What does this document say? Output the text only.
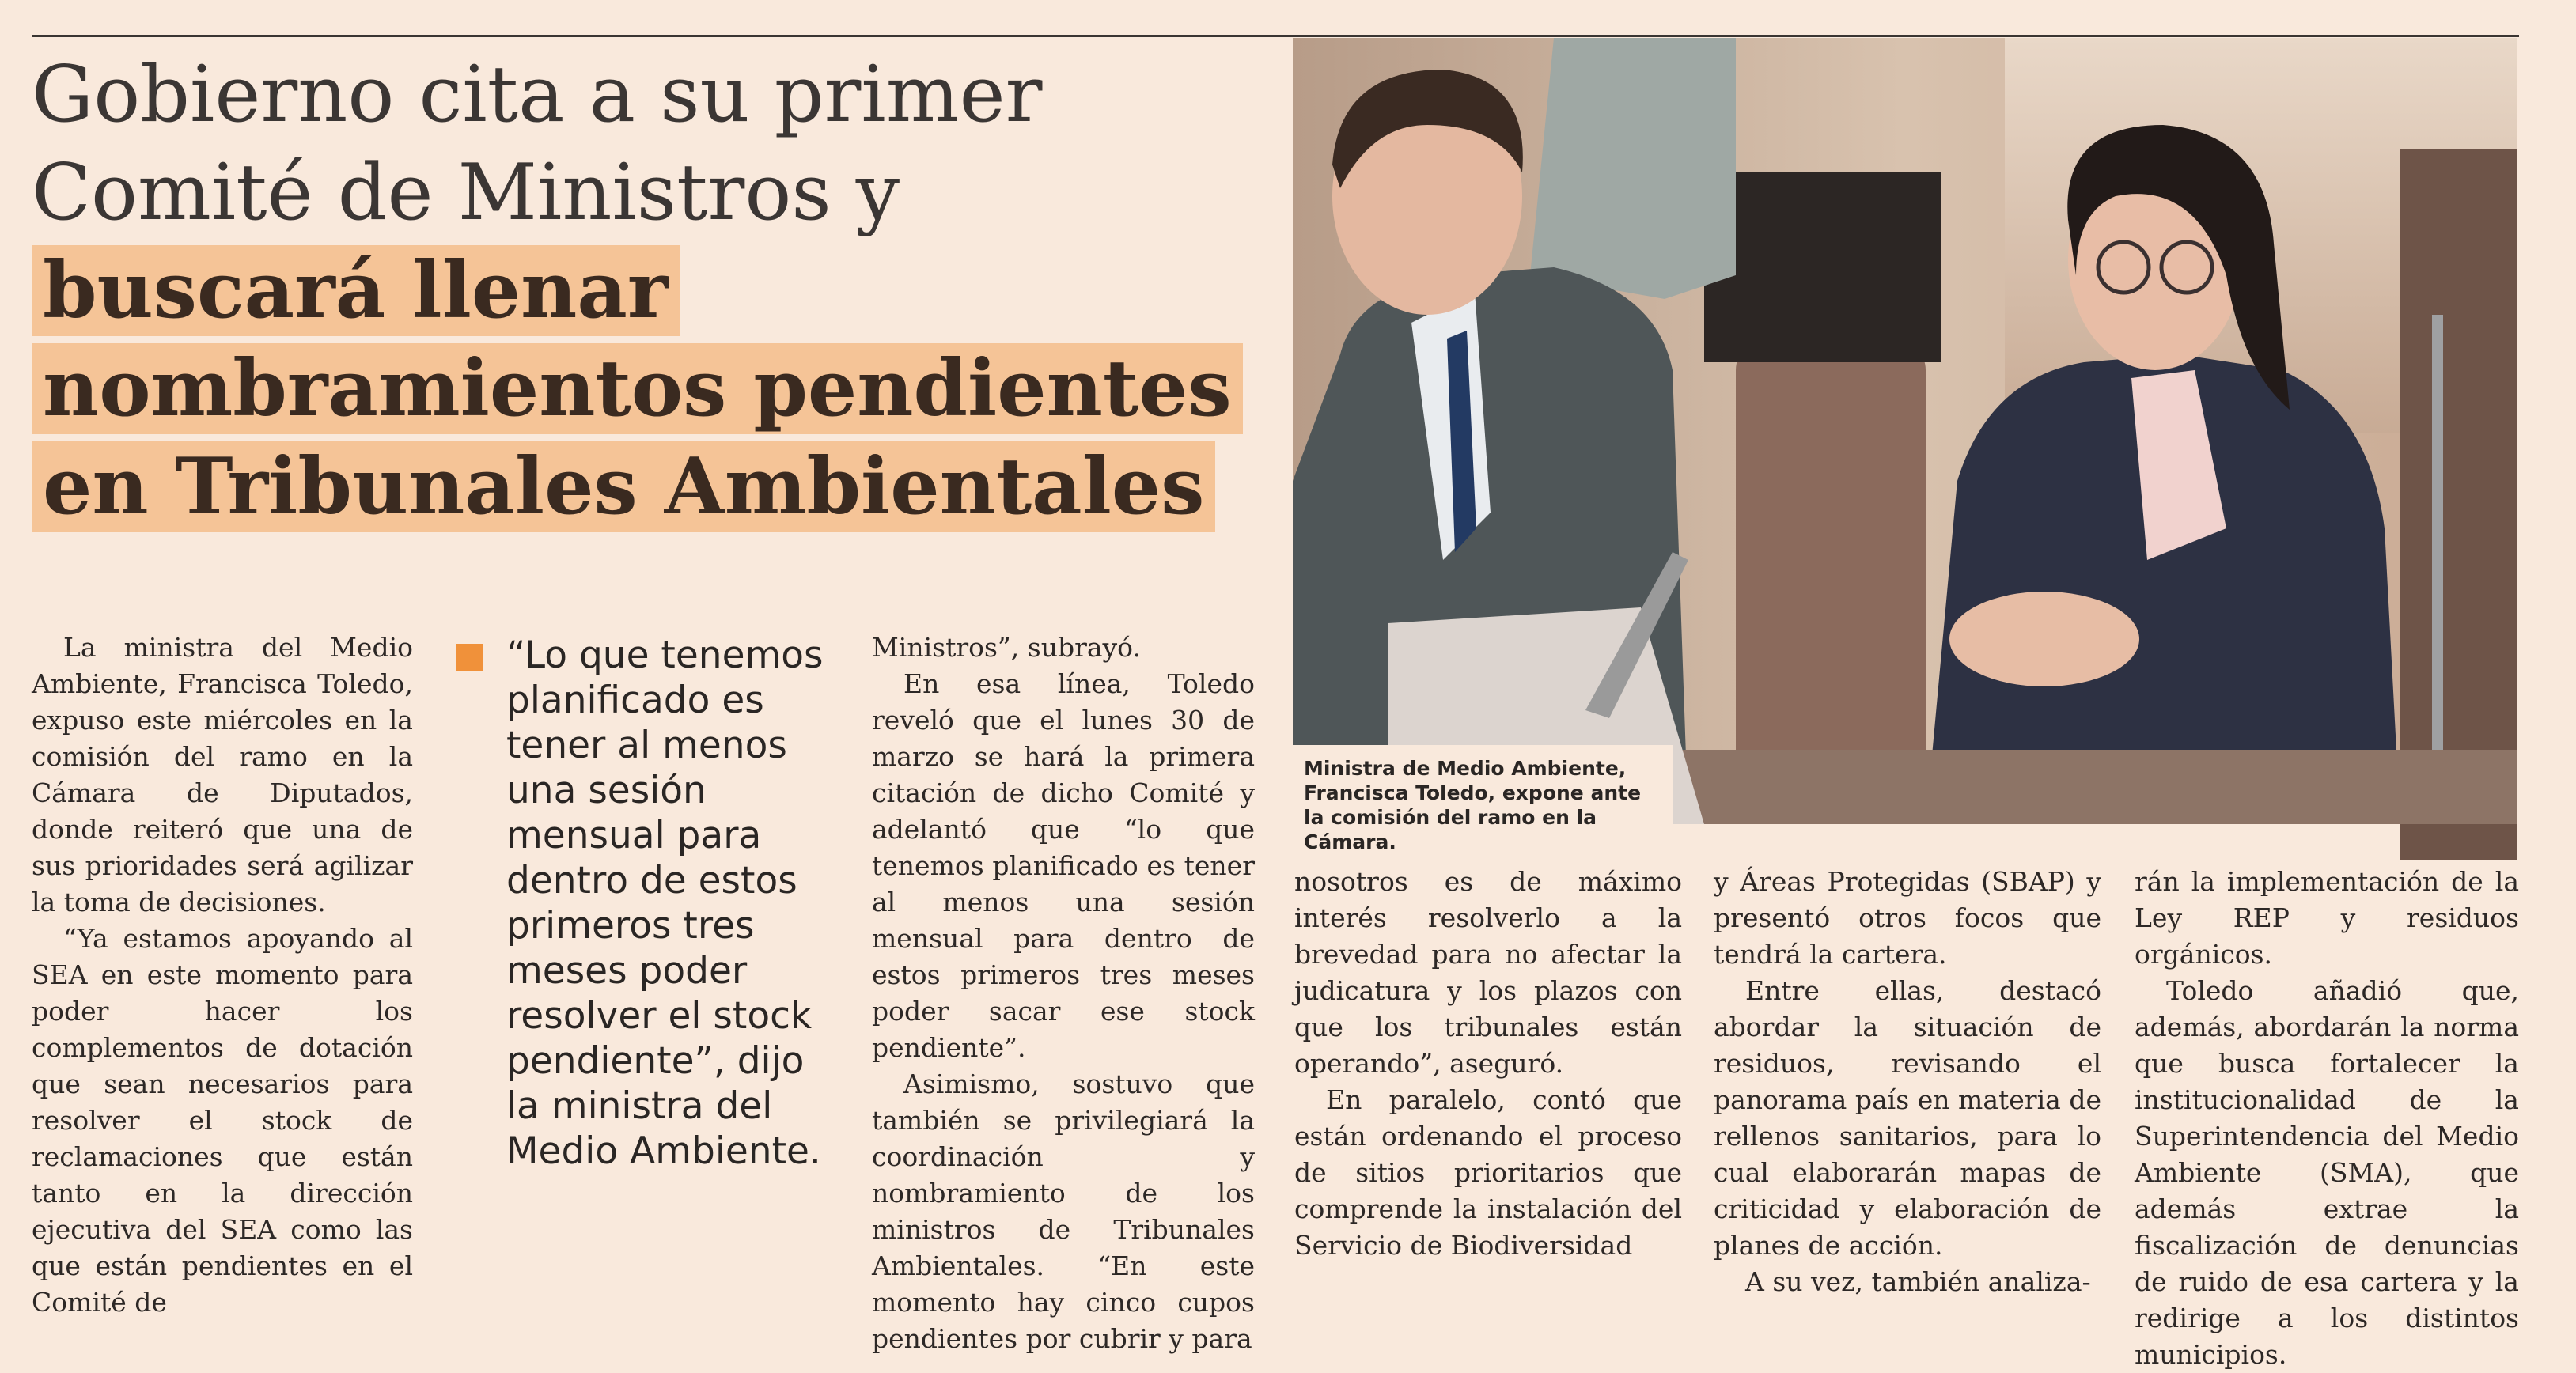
Gobierno cita a su primer Comité de Ministros y buscará llenar nombramientos pendientes en Tribunales Ambientales

La ministra del Medio Ambiente, Francisca Toledo, expuso este miércoles en la comisión del ramo en la Cámara de Diputados, donde reiteró que una de sus prioridades será agilizar la toma de decisiones.

“Ya estamos apoyando al SEA en este momento para poder hacer los complementos de dotación que sean necesarios para resolver el stock de reclamaciones que están tanto en la dirección ejecutiva del SEA como las que están pendientes en el Comité de

“Lo que tenemos planificado es tener al menos una sesión mensual para dentro de estos primeros tres meses poder resolver el stock pendiente”, dijo la ministra del Medio Ambiente.

Ministros”, subrayó.

En esa línea, Toledo reveló que el lunes 30 de marzo se hará la primera citación de dicho Comité y adelantó que “lo que tenemos planificado es tener al menos una sesión mensual para dentro de estos primeros tres meses poder sacar ese stock pendiente”.

Asimismo, sostuvo que también se privilegiará la coordinación y nombramiento de los ministros de Tribunales Ambientales. “En este momento hay cinco cupos pendientes por cubrir y para

Ministra de Medio Ambiente, Francisca Toledo, expone ante la comisión del ramo en la Cámara.

nosotros es de máximo interés resolverlo a la brevedad para no afectar la judicatura y los plazos con que los tribunales están operando”, aseguró.

En paralelo, contó que están ordenando el proceso de sitios prioritarios que comprende la instalación del Servicio de Biodiversidad

y Áreas Protegidas (SBAP) y presentó otros focos que tendrá la cartera.

Entre ellas, destacó abordar la situación de residuos, revisando el panorama país en materia de rellenos sanitarios, para lo cual elaborarán mapas de criticidad y elaboración de planes de acción.

A su vez, también analiza-

rán la implementación de la Ley REP y residuos orgánicos.

Toledo añadió que, además, abordarán la norma que busca fortalecer la institucionalidad de la Superintendencia del Medio Ambiente (SMA), que además extrae la fiscalización de denuncias de ruido de esa cartera y la redirige a los distintos municipios.
